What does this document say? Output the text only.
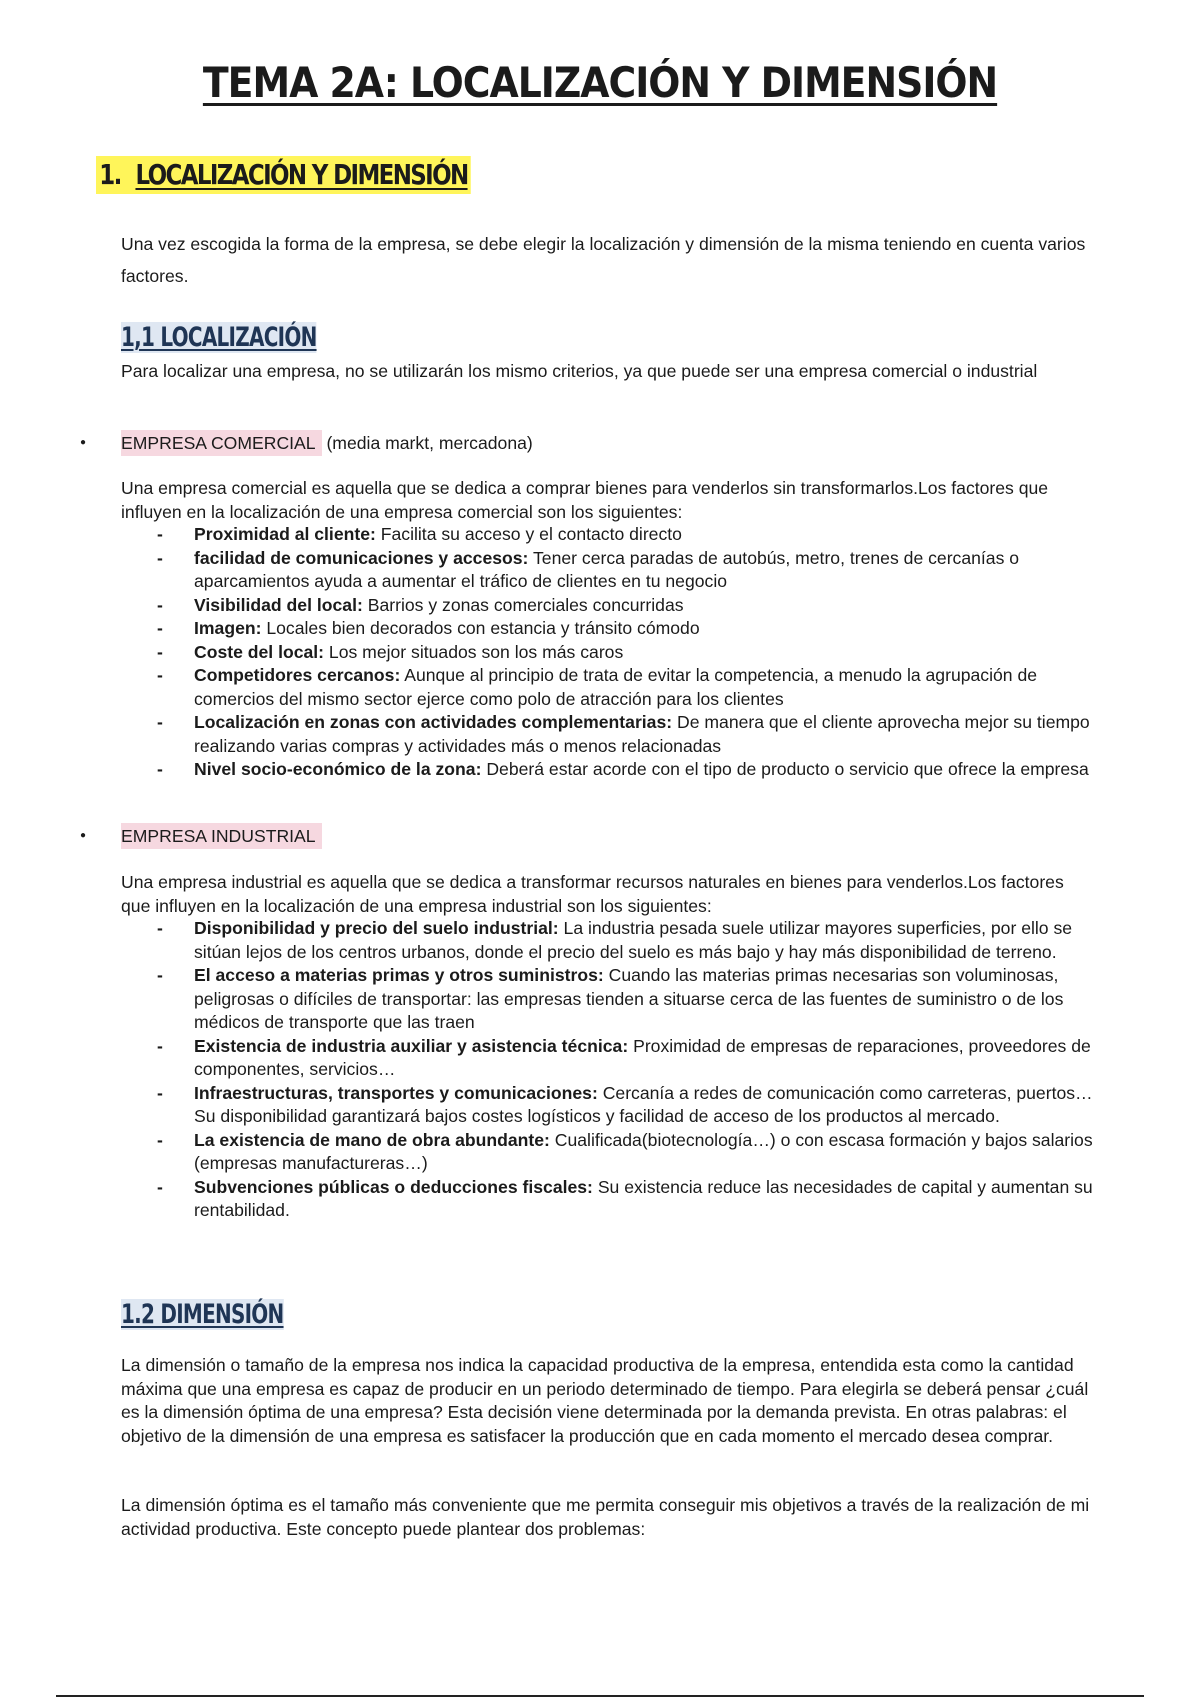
TEMA 2A: LOCALIZACIÓN Y DIMENSIÓN
1. LOCALIZACIÓN Y DIMENSIÓN

Una vez escogida la forma de la empresa, se debe elegir la localización y dimensión de la misma teniendo en cuenta varios factores.

1,1 LOCALIZACIÓN

Para localizar una empresa, no se utilizarán los mismo criterios, ya que puede ser una empresa comercial o industrial

●
EMPRESA COMERCIAL
(media markt, mercadona)

Una empresa comercial es aquella que se dedica a comprar bienes para venderlos sin transformarlos.Los factores que influyen en la localización de una empresa comercial son los siguientes:

- Proximidad al cliente: Facilita su acceso y el contacto directo
- facilidad de comunicaciones y accesos: Tener cerca paradas de autobús, metro, trenes de cercanías o aparcamientos ayuda a aumentar el tráfico de clientes en tu negocio
- Visibilidad del local: Barrios y zonas comerciales concurridas
- Imagen: Locales bien decorados con estancia y tránsito cómodo
- Coste del local: Los mejor situados son los más caros
- Competidores cercanos: Aunque al principio de trata de evitar la competencia, a menudo la agrupación de comercios del mismo sector ejerce como polo de atracción para los clientes
- Localización en zonas con actividades complementarias: De manera que el cliente aprovecha mejor su tiempo realizando varias compras y actividades más o menos relacionadas
- Nivel socio-económico de la zona: Deberá estar acorde con el tipo de producto o servicio que ofrece la empresa
●
EMPRESA INDUSTRIAL

Una empresa industrial es aquella que se dedica a transformar recursos naturales en bienes para venderlos.Los factores que influyen en la localización de una empresa industrial son los siguientes:

- Disponibilidad y precio del suelo industrial: La industria pesada suele utilizar mayores superficies, por ello se sitúan lejos de los centros urbanos, donde el precio del suelo es más bajo y hay más disponibilidad de terreno.
- El acceso a materias primas y otros suministros: Cuando las materias primas necesarias son voluminosas, peligrosas o difíciles de transportar: las empresas tienden a situarse cerca de las fuentes de suministro o de los médicos de transporte que las traen
- Existencia de industria auxiliar y asistencia técnica: Proximidad de empresas de reparaciones, proveedores de componentes, servicios…
- Infraestructuras, transportes y comunicaciones: Cercanía a redes de comunicación como carreteras, puertos… Su disponibilidad garantizará bajos costes logísticos y facilidad de acceso de los productos al mercado.
- La existencia de mano de obra abundante: Cualificada(biotecnología…) o con escasa formación y bajos salarios (empresas manufactureras…)
- Subvenciones públicas o deducciones fiscales: Su existencia reduce las necesidades de capital y aumentan su rentabilidad.
1.2 DIMENSIÓN

La dimensión o tamaño de la empresa nos indica la capacidad productiva de la empresa, entendida esta como la cantidad máxima que una empresa es capaz de producir en un periodo determinado de tiempo. Para elegirla se deberá pensar ¿cuál es la dimensión óptima de una empresa? Esta decisión viene determinada por la demanda prevista. En otras palabras: el objetivo de la dimensión de una empresa es satisfacer la producción que en cada momento el mercado desea comprar.

La dimensión óptima es el tamaño más conveniente que me permita conseguir mis objetivos a través de la realización de mi actividad productiva. Este concepto puede plantear dos problemas:
